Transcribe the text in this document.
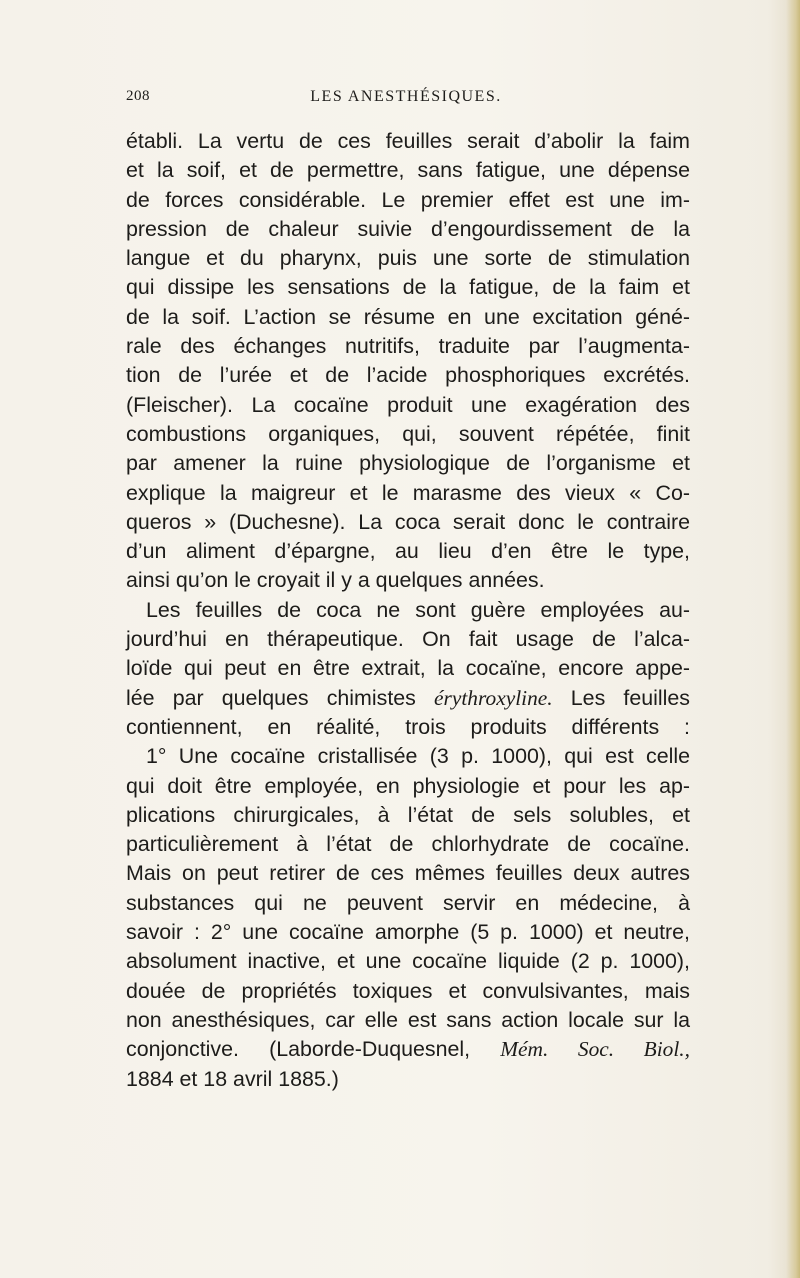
208	LES ANESTHÉSIQUES.
établi. La vertu de ces feuilles serait d’abolir la faim
et la soif, et de permettre, sans fatigue, une dépense
de forces considérable. Le premier effet est une im-
pression de chaleur suivie d’engourdissement de la
langue et du pharynx, puis une sorte de stimulation
qui dissipe les sensations de la fatigue, de la faim et
de la soif. L’action se résume en une excitation géné-
rale des échanges nutritifs, traduite par l’augmenta-
tion de l’urée et de l’acide phosphoriques excrétés.
(Fleischer). La cocaïne produit une exagération des
combustions organiques, qui, souvent répétée, finit
par amener la ruine physiologique de l’organisme et
explique la maigreur et le marasme des vieux « Co-
queros » (Duchesne). La coca serait donc le contraire
d’un aliment d’épargne, au lieu d’en être le type,
ainsi qu’on le croyait il y a quelques années.
Les feuilles de coca ne sont guère employées au-
jourd’hui en thérapeutique. On fait usage de l’alca-
loïde qui peut en être extrait, la cocaïne, encore appe-
lée par quelques chimistes érythroxyline. Les feuilles
contiennent, en réalité, trois produits différents :
1° Une cocaïne cristallisée (3 p. 1000), qui est celle
qui doit être employée, en physiologie et pour les ap-
plications chirurgicales, à l’état de sels solubles, et
particulièrement à l’état de chlorhydrate de cocaïne.
Mais on peut retirer de ces mêmes feuilles deux autres
substances qui ne peuvent servir en médecine, à
savoir : 2° une cocaïne amorphe (5 p. 1000) et neutre,
absolument inactive, et une cocaïne liquide (2 p. 1000),
douée de propriétés toxiques et convulsivantes, mais
non anesthésiques, car elle est sans action locale sur la
conjonctive. (Laborde-Duquesnel, Mém. Soc. Biol.,
1884 et 18 avril 1885.)
